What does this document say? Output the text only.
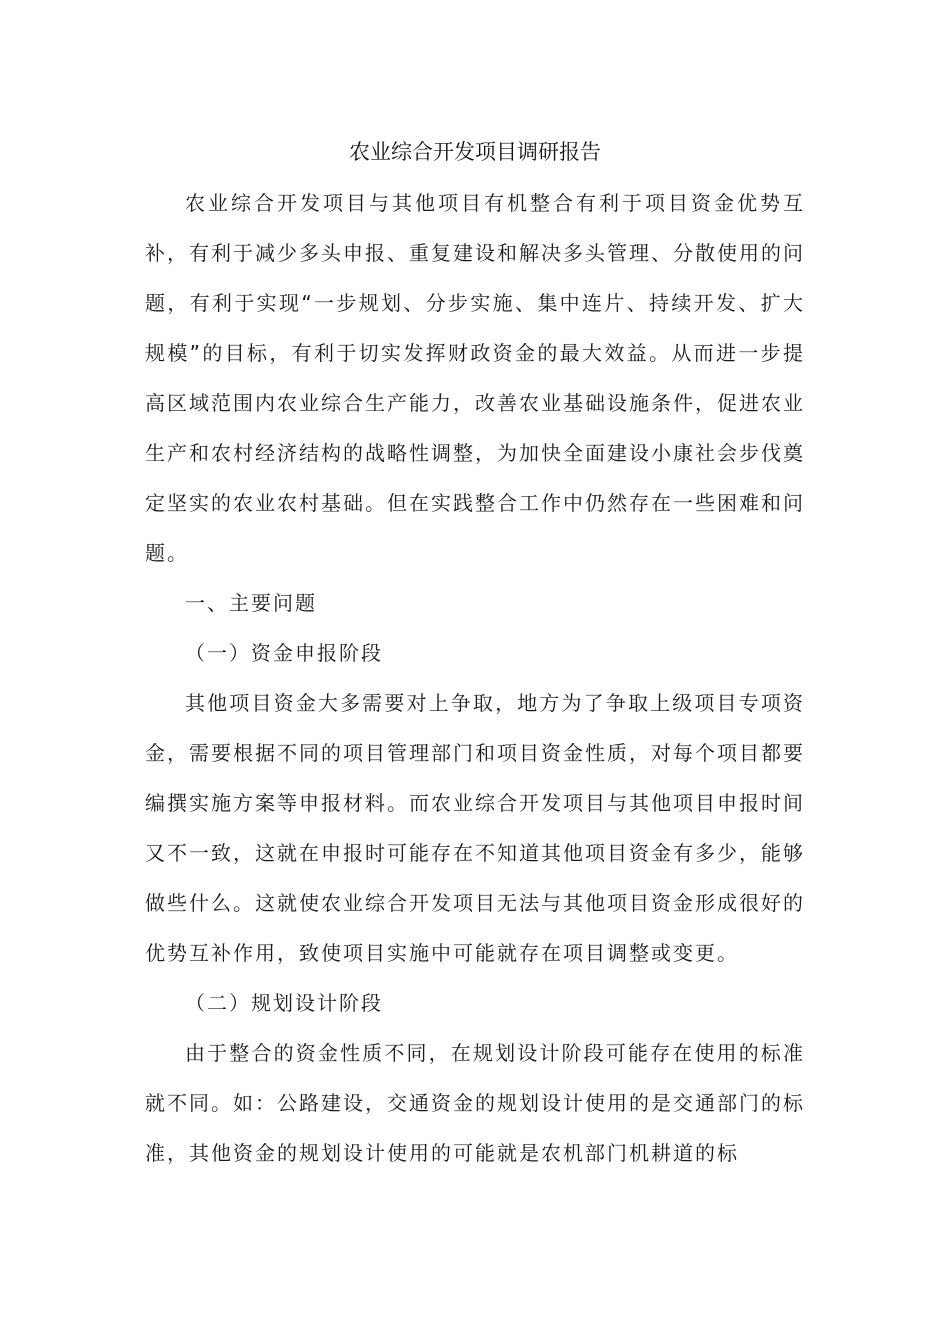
农业综合开发项目调研报告

农业综合开发项目与其他项目有机整合有利于项目资金优势互补，有利于减少多头申报、重复建设和解决多头管理、分散使用的问题，有利于实现“一步规划、分步实施、集中连片、持续开发、扩大规模”的目标，有利于切实发挥财政资金的最大效益。从而进一步提高区域范围内农业综合生产能力，改善农业基础设施条件，促进农业生产和农村经济结构的战略性调整，为加快全面建设小康社会步伐奠定坚实的农业农村基础。但在实践整合工作中仍然存在一些困难和问题。

一、主要问题

（一）资金申报阶段

其他项目资金大多需要对上争取，地方为了争取上级项目专项资金，需要根据不同的项目管理部门和项目资金性质，对每个项目都要编撰实施方案等申报材料。而农业综合开发项目与其他项目申报时间又不一致，这就在申报时可能存在不知道其他项目资金有多少，能够做些什么。这就使农业综合开发项目无法与其他项目资金形成很好的优势互补作用，致使项目实施中可能就存在项目调整或变更。

（二）规划设计阶段

由于整合的资金性质不同，在规划设计阶段可能存在使用的标准就不同。如：公路建设，交通资金的规划设计使用的是交通部门的标准，其他资金的规划设计使用的可能就是农机部门机耕道的标
